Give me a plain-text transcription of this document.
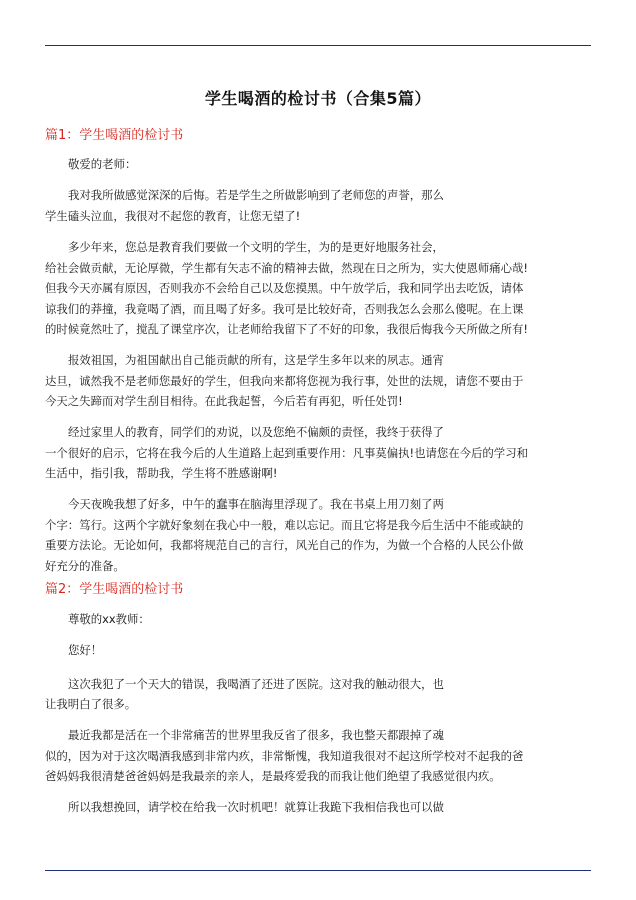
学生喝酒的检讨书（合集5篇）
篇1：学生喝酒的检讨书
敬爱的老师：
我对我所做感觉深深的后悔。若是学生之所做影响到了老师您的声誉，那么
学生磕头泣血，我很对不起您的教育，让您无望了!
多少年来，您总是教育我们要做一个文明的学生，为的是更好地服务社会，
给社会做贡献，无论厚微，学生都有矢志不渝的精神去做，然现在日之所为，实大使恩师痛心哉!
但我今天亦属有原因，否则我亦不会给自己以及您摸黑。中午放学后，我和同学出去吃饭，请体
谅我们的莽撞，我竟喝了酒，而且喝了好多。我可是比较好奇，否则我怎么会那么傻呢。在上课
的时候竟然吐了，搅乱了课堂序次，让老师给我留下了不好的印象，我很后悔我今天所做之所有!
报效祖国，为祖国献出自己能贡献的所有，这是学生多年以来的夙志。通宵
达旦，诚然我不是老师您最好的学生，但我向来都将您视为我行事，处世的法规，请您不要由于
今天之失蹄而对学生刮目相待。在此我起誓，今后若有再犯，听任处罚!
经过家里人的教育，同学们的劝说，以及您绝不偏颇的责怪，我终于获得了
一个很好的启示，它将在我今后的人生道路上起到重要作用：凡事莫偏执!也请您在今后的学习和
生活中，指引我，帮助我，学生将不胜感谢啊!
今天夜晚我想了好多，中午的蠢事在脑海里浮现了。我在书桌上用刀刻了两
个字：笃行。这两个字就好象刻在我心中一般，难以忘记。而且它将是我今后生活中不能或缺的
重要方法论。无论如何，我都将规范自己的言行，风光自己的作为，为做一个合格的人民公仆做
好充分的准备。
篇2：学生喝酒的检讨书
尊敬的xx教师：
您好！
这次我犯了一个天大的错误，我喝酒了还进了医院。这对我的触动很大，也
让我明白了很多。
最近我都是活在一个非常痛苦的世界里我反省了很多，我也整天都跟掉了魂
似的，因为对于这次喝酒我感到非常内疚，非常惭愧，我知道我很对不起这所学校对不起我的爸
爸妈妈我很清楚爸爸妈妈是我最亲的亲人，是最疼爱我的而我让他们绝望了我感觉很内疚。
所以我想挽回，请学校在给我一次时机吧！就算让我跪下我相信我也可以做
